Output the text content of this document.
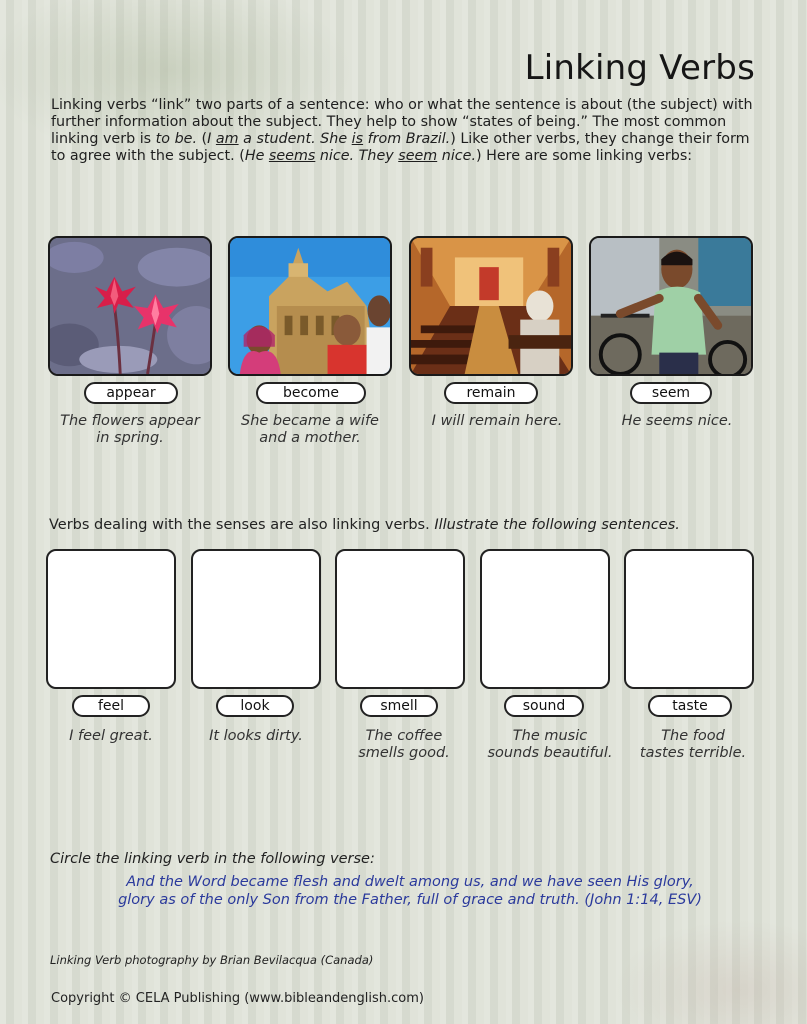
Linking Verbs

Linking verbs “link” two parts of a sentence: who or what the sentence is about (the subject) with further information about the subject. They help to show “states of being.” The most common linking verb is to be. (I am a student. She is from Brazil.) Like other verbs, they change their form to agree with the subject. (He seems nice. They seem nice.) Here are some linking verbs:

appear	become	remain	seem
The flowers appear
in spring.
She became a wife
and a mother.
I will remain here.	He seems nice.
Verbs dealing with the senses are also linking verbs. Illustrate the following sentences.
feel	look	smell	sound	taste
I feel great.	It looks dirty.	The coffee
smells good.
The music
sounds beautiful.
The food
tastes terrible.
Circle the linking verb in the following verse:
And the Word became flesh and dwelt among us, and we have seen His glory,
glory as of the only Son from the Father, full of grace and truth. (John 1:14, ESV)
Linking Verb photography by Brian Bevilacqua (Canada)
Copyright © CELA Publishing (www.bibleandenglish.com)
